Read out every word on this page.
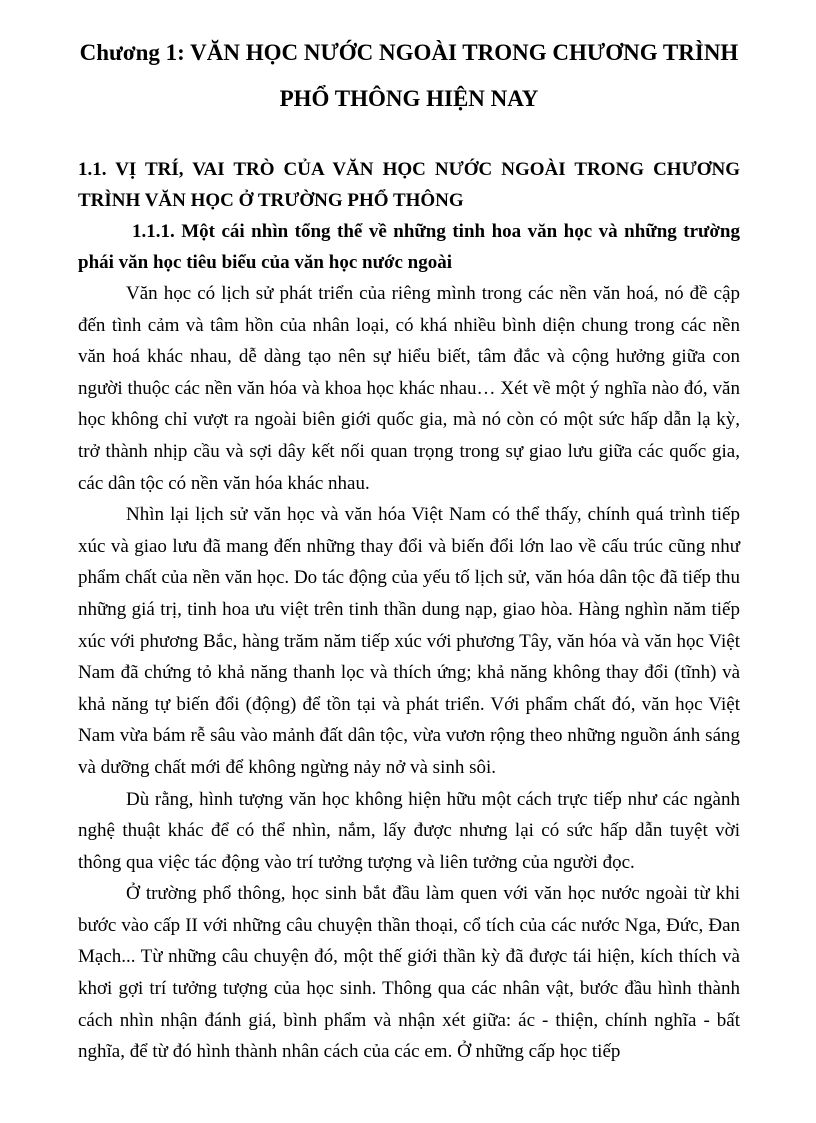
Chương 1: VĂN HỌC NƯỚC NGOÀI TRONG CHƯƠNG TRÌNH PHỔ THÔNG HIỆN NAY
1.1. VỊ TRÍ, VAI TRÒ CỦA VĂN HỌC NƯỚC NGOÀI TRONG CHƯƠNG TRÌNH VĂN HỌC Ở TRƯỜNG PHỔ THÔNG
1.1.1. Một cái nhìn tổng thể về những tinh hoa văn học và những trường phái văn học tiêu biểu của văn học nước ngoài

Văn học có lịch sử phát triển của riêng mình trong các nền văn hoá, nó đề cập đến tình cảm và tâm hồn của nhân loại, có khá nhiều bình diện chung trong các nền văn hoá khác nhau, dễ dàng tạo nên sự hiểu biết, tâm đắc và cộng hưởng giữa con người thuộc các nền văn hóa và khoa học khác nhau… Xét về một ý nghĩa nào đó, văn học không chỉ vượt ra ngoài biên giới quốc gia, mà nó còn có một sức hấp dẫn lạ kỳ, trở thành nhịp cầu và sợi dây kết nối quan trọng trong sự giao lưu giữa các quốc gia, các dân tộc có nền văn hóa khác nhau.

Nhìn lại lịch sử văn học và văn hóa Việt Nam có thể thấy, chính quá trình tiếp xúc và giao lưu đã mang đến những thay đổi và biến đổi lớn lao về cấu trúc cũng như phẩm chất của nền văn học. Do tác động của yếu tố lịch sử, văn hóa dân tộc đã tiếp thu những giá trị, tinh hoa ưu việt trên tinh thần dung nạp, giao hòa. Hàng nghìn năm tiếp xúc với phương Bắc, hàng trăm năm tiếp xúc với phương Tây, văn hóa và văn học Việt Nam đã chứng tỏ khả năng thanh lọc và thích ứng; khả năng không thay đổi (tĩnh) và khả năng tự biến đổi (động) để tồn tại và phát triển. Với phẩm chất đó, văn học Việt Nam vừa bám rễ sâu vào mảnh đất dân tộc, vừa vươn rộng theo những nguồn ánh sáng và dưỡng chất mới để không ngừng nảy nở và sinh sôi.

Dù rằng, hình tượng văn học không hiện hữu một cách trực tiếp như các ngành nghệ thuật khác để có thể nhìn, nắm, lấy được nhưng lại có sức hấp dẫn tuyệt vời thông qua việc tác động vào trí tưởng tượng và liên tưởng của người đọc.

Ở trường phổ thông, học sinh bắt đầu làm quen với văn học nước ngoài từ khi bước vào cấp II với những câu chuyện thần thoại, cổ tích của các nước Nga, Đức, Đan Mạch... Từ những câu chuyện đó, một thế giới thần kỳ đã được tái hiện, kích thích và khơi gợi trí tưởng tượng của học sinh. Thông qua các nhân vật, bước đầu hình thành cách nhìn nhận đánh giá, bình phẩm và nhận xét giữa: ác - thiện, chính nghĩa - bất nghĩa, để từ đó hình thành nhân cách của các em. Ở những cấp học tiếp
